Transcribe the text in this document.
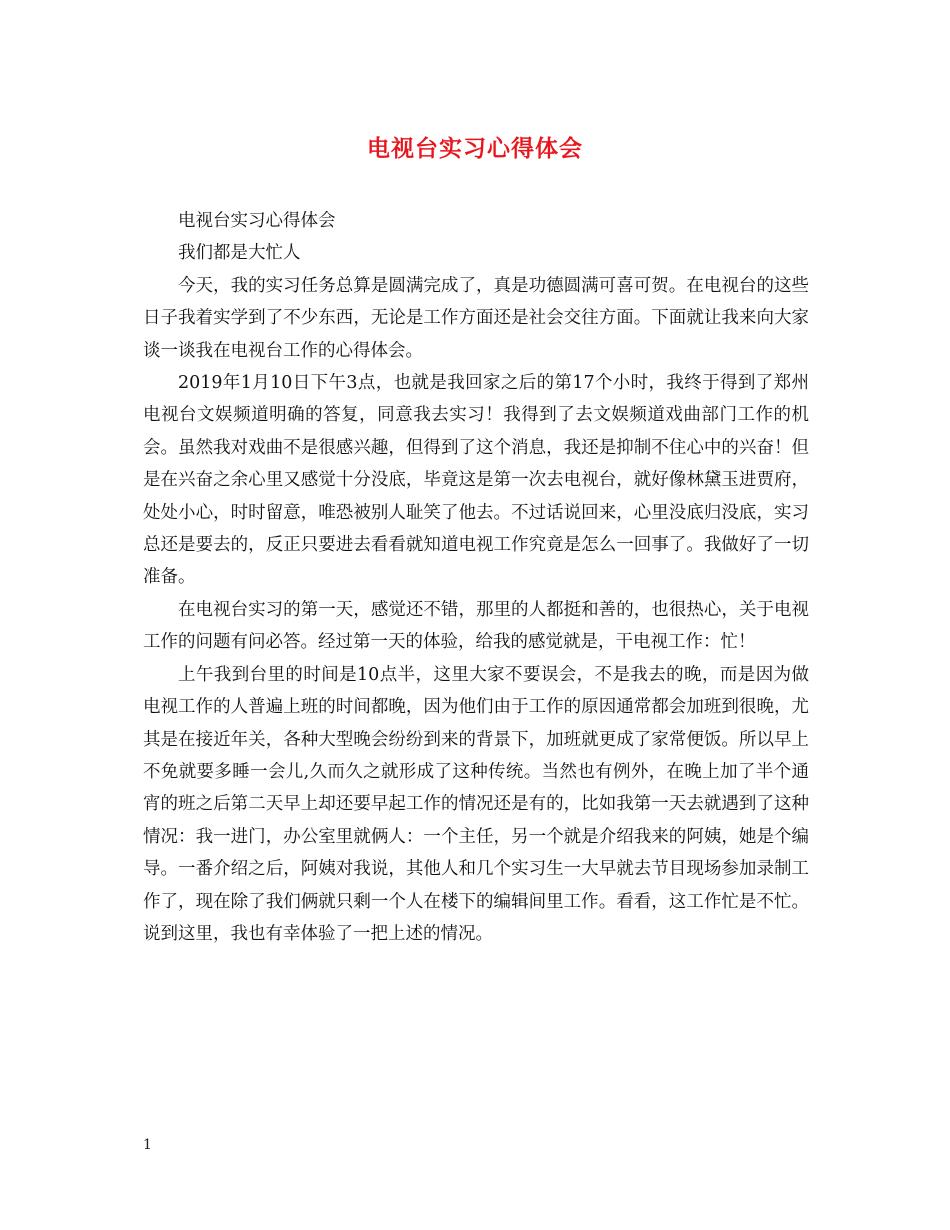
电视台实习心得体会

电视台实习心得体会

我们都是大忙人

今天，我的实习任务总算是圆满完成了，真是功德圆满可喜可贺。在电视台的这些日子我着实学到了不少东西，无论是工作方面还是社会交往方面。下面就让我来向大家谈一谈我在电视台工作的心得体会。

2019年1月10日下午3点，也就是我回家之后的第17个小时，我终于得到了郑州电视台文娱频道明确的答复，同意我去实习！我得到了去文娱频道戏曲部门工作的机会。虽然我对戏曲不是很感兴趣，但得到了这个消息，我还是抑制不住心中的兴奋！但是在兴奋之余心里又感觉十分没底，毕竟这是第一次去电视台，就好像林黛玉进贾府，处处小心，时时留意，唯恐被别人耻笑了他去。不过话说回来，心里没底归没底，实习总还是要去的，反正只要进去看看就知道电视工作究竟是怎么一回事了。我做好了一切准备。

在电视台实习的第一天，感觉还不错，那里的人都挺和善的，也很热心，关于电视工作的问题有问必答。经过第一天的体验，给我的感觉就是，干电视工作：忙！

上午我到台里的时间是10点半，这里大家不要误会，不是我去的晚，而是因为做电视工作的人普遍上班的时间都晚，因为他们由于工作的原因通常都会加班到很晚，尤其是在接近年关，各种大型晚会纷纷到来的背景下，加班就更成了家常便饭。所以早上不免就要多睡一会儿,久而久之就形成了这种传统。当然也有例外，在晚上加了半个通宵的班之后第二天早上却还要早起工作的情况还是有的，比如我第一天去就遇到了这种情况：我一进门，办公室里就俩人：一个主任，另一个就是介绍我来的阿姨，她是个编导。一番介绍之后，阿姨对我说，其他人和几个实习生一大早就去节目现场参加录制工作了，现在除了我们俩就只剩一个人在楼下的编辑间里工作。看看，这工作忙是不忙。说到这里，我也有幸体验了一把上述的情况。

1
